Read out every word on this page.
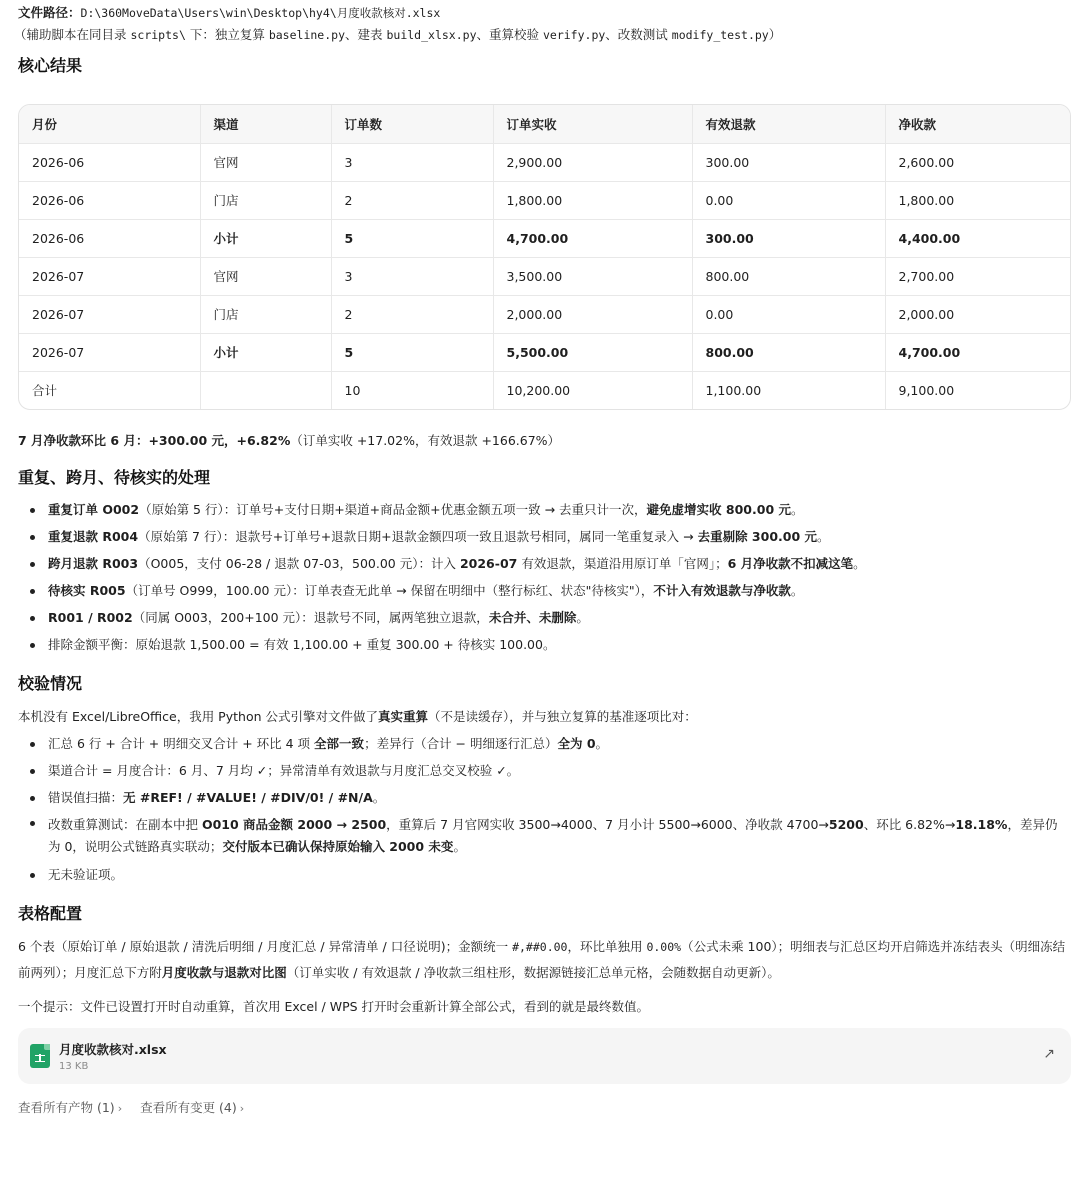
文件路径：D:\360MoveData\Users\win\Desktop\hy4\月度收款核对.xlsx
（辅助脚本在同目录 scripts\ 下：独立复算 baseline.py、建表 build_xlsx.py、重算校验 verify.py、改数测试 modify_test.py）
核心结果
月份	渠道	订单数	订单实收	有效退款	净收款
2026-06	官网	3	2,900.00	300.00	2,600.00
2026-06	门店	2	1,800.00	0.00	1,800.00
2026-06	小计	5	4,700.00	300.00	4,400.00
2026-07	官网	3	3,500.00	800.00	2,700.00
2026-07	门店	2	2,000.00	0.00	2,000.00
2026-07	小计	5	5,500.00	800.00	4,700.00
合计		10	10,200.00	1,100.00	9,100.00
7 月净收款环比 6 月：+300.00 元，+6.82%（订单实收 +17.02%，有效退款 +166.67%）
重复、跨月、待核实的处理
重复订单 O002（原始第 5 行）：订单号+支付日期+渠道+商品金额+优惠金额五项一致 → 去重只计一次，避免虚增实收 800.00 元。
重复退款 R004（原始第 7 行）：退款号+订单号+退款日期+退款金额四项一致且退款号相同，属同一笔重复录入 → 去重剔除 300.00 元。
跨月退款 R003（O005，支付 06-28 / 退款 07-03，500.00 元）：计入 2026-07 有效退款，渠道沿用原订单「官网」；6 月净收款不扣减这笔。
待核实 R005（订单号 O999，100.00 元）：订单表查无此单 → 保留在明细中（整行标红、状态"待核实"），不计入有效退款与净收款。
R001 / R002（同属 O003，200+100 元）：退款号不同，属两笔独立退款，未合并、未删除。
排除金额平衡：原始退款 1,500.00 = 有效 1,100.00 + 重复 300.00 + 待核实 100.00。
校验情况
本机没有 Excel/LibreOffice，我用 Python 公式引擎对文件做了真实重算（不是读缓存），并与独立复算的基准逐项比对：
汇总 6 行 + 合计 + 明细交叉合计 + 环比 4 项 全部一致；差异行（合计 − 明细逐行汇总）全为 0。
渠道合计 = 月度合计：6 月、7 月均 ✓；异常清单有效退款与月度汇总交叉校验 ✓。
错误值扫描：无 #REF! / #VALUE! / #DIV/0! / #N/A。
改数重算测试：在副本中把 O010 商品金额 2000 → 2500，重算后 7 月官网实收 3500→4000、7 月小计 5500→6000、净收款 4700→5200、环比 6.82%→18.18%，差异仍为 0，说明公式链路真实联动；交付版本已确认保持原始输入 2000 未变。
无未验证项。
表格配置
6 个表（原始订单 / 原始退款 / 清洗后明细 / 月度汇总 / 异常清单 / 口径说明)；金额统一 #,##0.00，环比单独用 0.00%（公式未乘 100）；明细表与汇总区均开启筛选并冻结表头（明细冻结前两列）；月度汇总下方附月度收款与退款对比图（订单实收 / 有效退款 / 净收款三组柱形，数据源链接汇总单元格，会随数据自动更新）。
一个提示：文件已设置打开时自动重算，首次用 Excel / WPS 打开时会重新计算全部公式，看到的就是最终数值。
月度收款核对.xlsx
13 KB
↗
查看所有产物 (1) › 查看所有变更 (4) ›
